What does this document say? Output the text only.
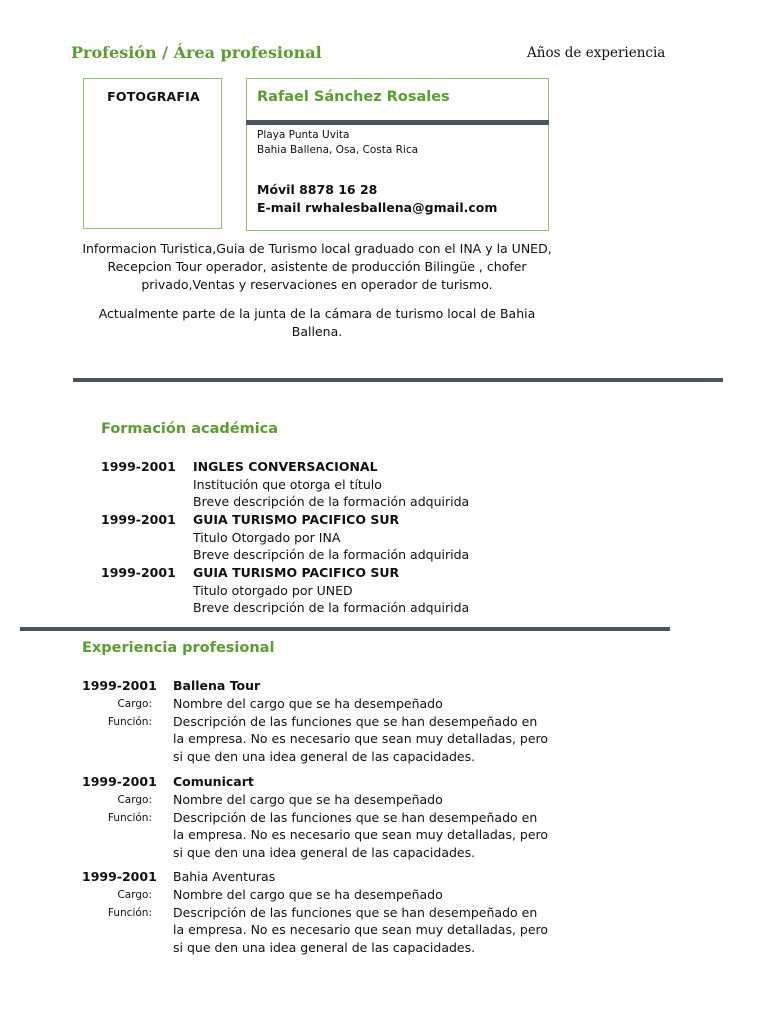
Profesión / Área profesional	Años de experiencia
FOTOGRAFIA	Rafael Sánchez Rosales
Playa Punta Uvita
Bahia Ballena, Osa, Costa Rica
Móvil 8878 16 28
E-mail rwhalesballena@gmail.com

Informacion Turistica,Guia de Turismo local graduado con el INA y la UNED, Recepcion Tour operador, asistente de producción Bilingüe , chofer privado,Ventas y reservaciones en operador de turismo.

Actualmente parte de la junta de la cámara de turismo local de Bahia Ballena.

Formación académica
1999-2001 INGLES CONVERSACIONAL
Institución que otorga el título
Breve descripción de la formación adquirida
1999-2001 GUIA TURISMO PACIFICO SUR
Titulo Otorgado por INA
Breve descripción de la formación adquirida
1999-2001 GUIA TURISMO PACIFICO SUR
Titulo otorgado por UNED
Breve descripción de la formación adquirida
Experiencia profesional
1999-2001 Ballena Tour
Cargo: Nombre del cargo que se ha desempeñado
Función: Descripción de las funciones que se han desempeñado en
la empresa. No es necesario que sean muy detalladas, pero
si que den una idea general de las capacidades.
1999-2001 Comunicart
Cargo: Nombre del cargo que se ha desempeñado
Función: Descripción de las funciones que se han desempeñado en
la empresa. No es necesario que sean muy detalladas, pero
si que den una idea general de las capacidades.
1999-2001 Bahia Aventuras
Cargo: Nombre del cargo que se ha desempeñado
Función: Descripción de las funciones que se han desempeñado en
la empresa. No es necesario que sean muy detalladas, pero
si que den una idea general de las capacidades.
